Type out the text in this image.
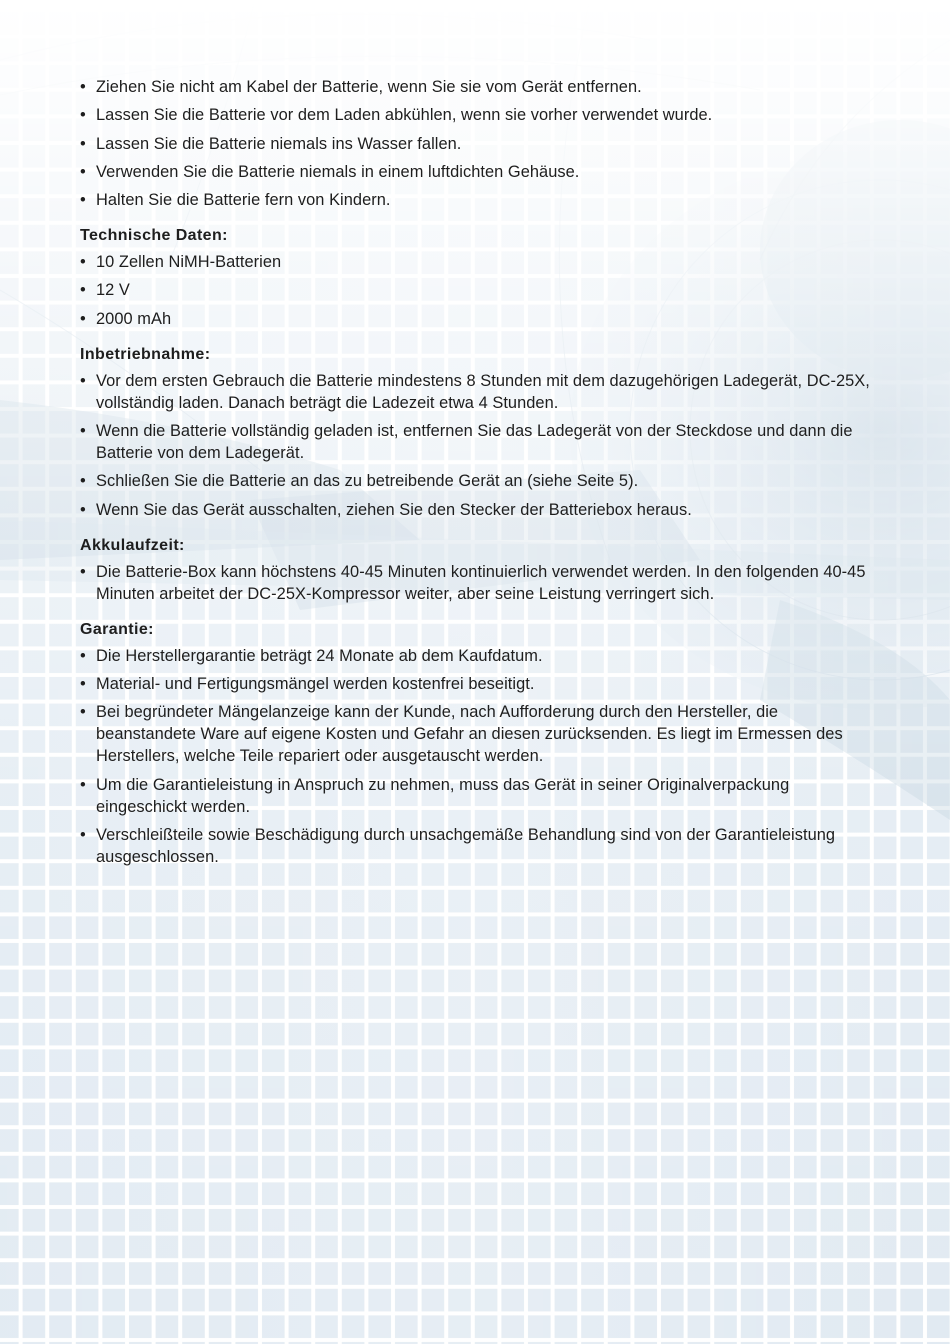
• Ziehen Sie nicht am Kabel der Batterie, wenn Sie sie vom Gerät entfernen.
• Lassen Sie die Batterie vor dem Laden abkühlen, wenn sie vorher verwendet wurde.
• Lassen Sie die Batterie niemals ins Wasser fallen.
• Verwenden Sie die Batterie niemals in einem luftdichten Gehäuse.
• Halten Sie die Batterie fern von Kindern.
Technische Daten:
• 10 Zellen NiMH-Batterien
• 12 V
• 2000 mAh
Inbetriebnahme:
• Vor dem ersten Gebrauch die Batterie mindestens 8 Stunden mit dem dazugehörigen Ladegerät, DC-25X, vollständig laden. Danach beträgt die Ladezeit etwa 4 Stunden.
• Wenn die Batterie vollständig geladen ist, entfernen Sie das Ladegerät von der Steckdose und dann die Batterie von dem Ladegerät.
• Schließen Sie die Batterie an das zu betreibende Gerät an (siehe Seite 5).
• Wenn Sie das Gerät ausschalten, ziehen Sie den Stecker der Batteriebox heraus.
Akkulaufzeit:
• Die Batterie-Box kann höchstens 40-45 Minuten kontinuierlich verwendet werden. In den folgenden 40-45 Minuten arbeitet der DC-25X-Kompressor weiter, aber seine Leistung verringert sich.
Garantie:
• Die Herstellergarantie beträgt 24 Monate ab dem Kaufdatum.
• Material- und Fertigungsmängel werden kostenfrei beseitigt.
• Bei begründeter Mängelanzeige kann der Kunde, nach Aufforderung durch den Hersteller, die beanstandete Ware auf eigene Kosten und Gefahr an diesen zurücksenden. Es liegt im Ermessen des Herstellers, welche Teile repariert oder ausgetauscht werden.
• Um die Garantieleistung in Anspruch zu nehmen, muss das Gerät in seiner Originalverpackung eingeschickt werden.
• Verschleißteile sowie Beschädigung durch unsachgemäße Behandlung sind von der Garantieleistung ausgeschlossen.
